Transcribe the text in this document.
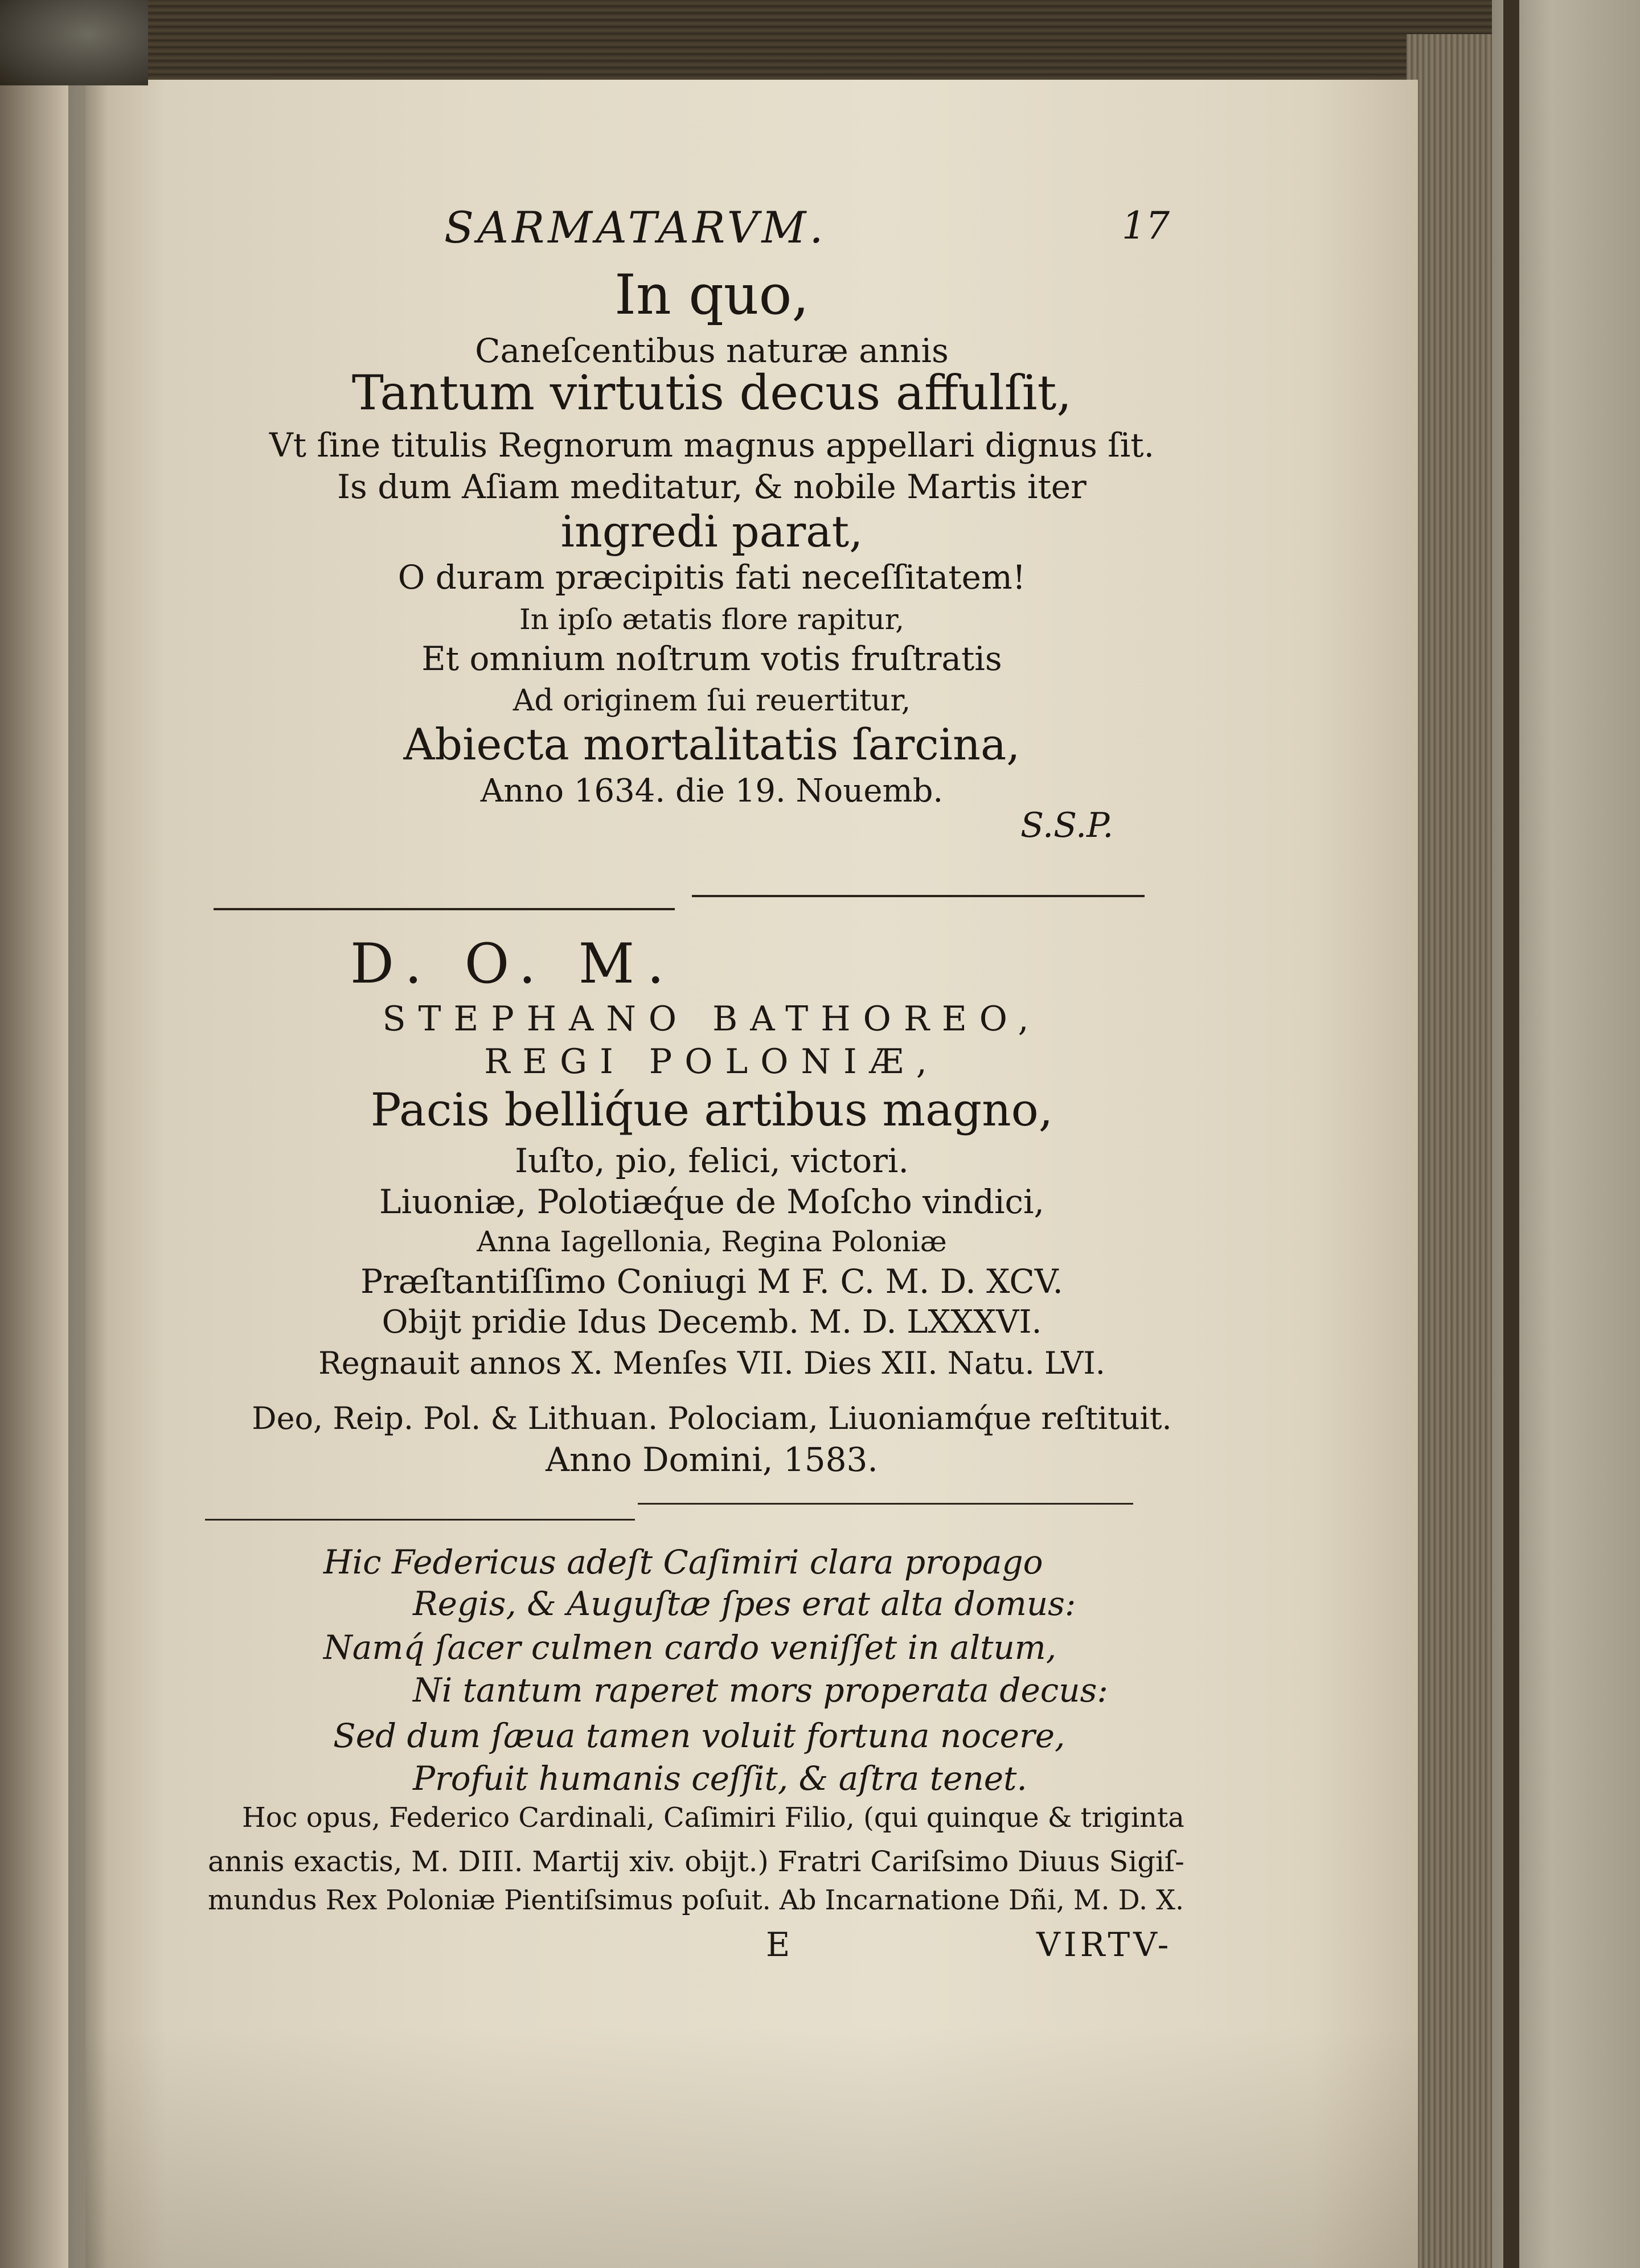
SARMATARVM.	17
In quo,
Caneſcentibus naturæ annis
Tantum virtutis decus affulſit,
Vt ſine titulis Regnorum magnus appellari dignus ſit.
Is dum Aſiam meditatur, & nobile Martis iter
ingredi parat,
O duram præcipitis fati neceſſitatem!
In ipſo ætatis flore rapitur,
Et omnium noſtrum votis fruſtratis
Ad originem ſui reuertitur,
Abiecta mortalitatis ſarcina,
Anno 1634. die 19. Nouemb.
S.S.P.
D. O. M.
STEPHANO BATHOREO,
REGI POLONIÆ,
Pacis belliq́ue artibus magno,
Iuſto, pio, felici, victori.
Liuoniæ, Polotiæq́ue de Moſcho vindici,
Anna Iagellonia, Regina Poloniæ
Præſtantiſſimo Coniugi M F. C. M. D. XCV.
Obijt pridie Idus Decemb. M. D. LXXXVI.
Regnauit annos X. Menſes VII. Dies XII. Natu. LVI.
Deo, Reip. Pol. & Lithuan. Polociam, Liuoniamq́ue reſtituit.
Anno Domini, 1583.
Hic Federicus adeſt Caſimiri clara propago
Regis, & Auguſtæ ſpes erat alta domus:
Namq́ ſacer culmen cardo veniſſet in altum,
Ni tantum raperet mors properata decus:
Sed dum ſæua tamen voluit fortuna nocere,
Profuit humanis ceſſit, & aſtra tenet.
Hoc opus, Federico Cardinali, Caſimiri Filio, (qui quinque & triginta
annis exactis, M. DIII. Martij xiv. obijt.) Fratri Cariſsimo Diuus Sigiſ-
mundus Rex Poloniæ Pientiſsimus poſuit. Ab Incarnatione Dñi, M. D. X.
E	VIRTV-
